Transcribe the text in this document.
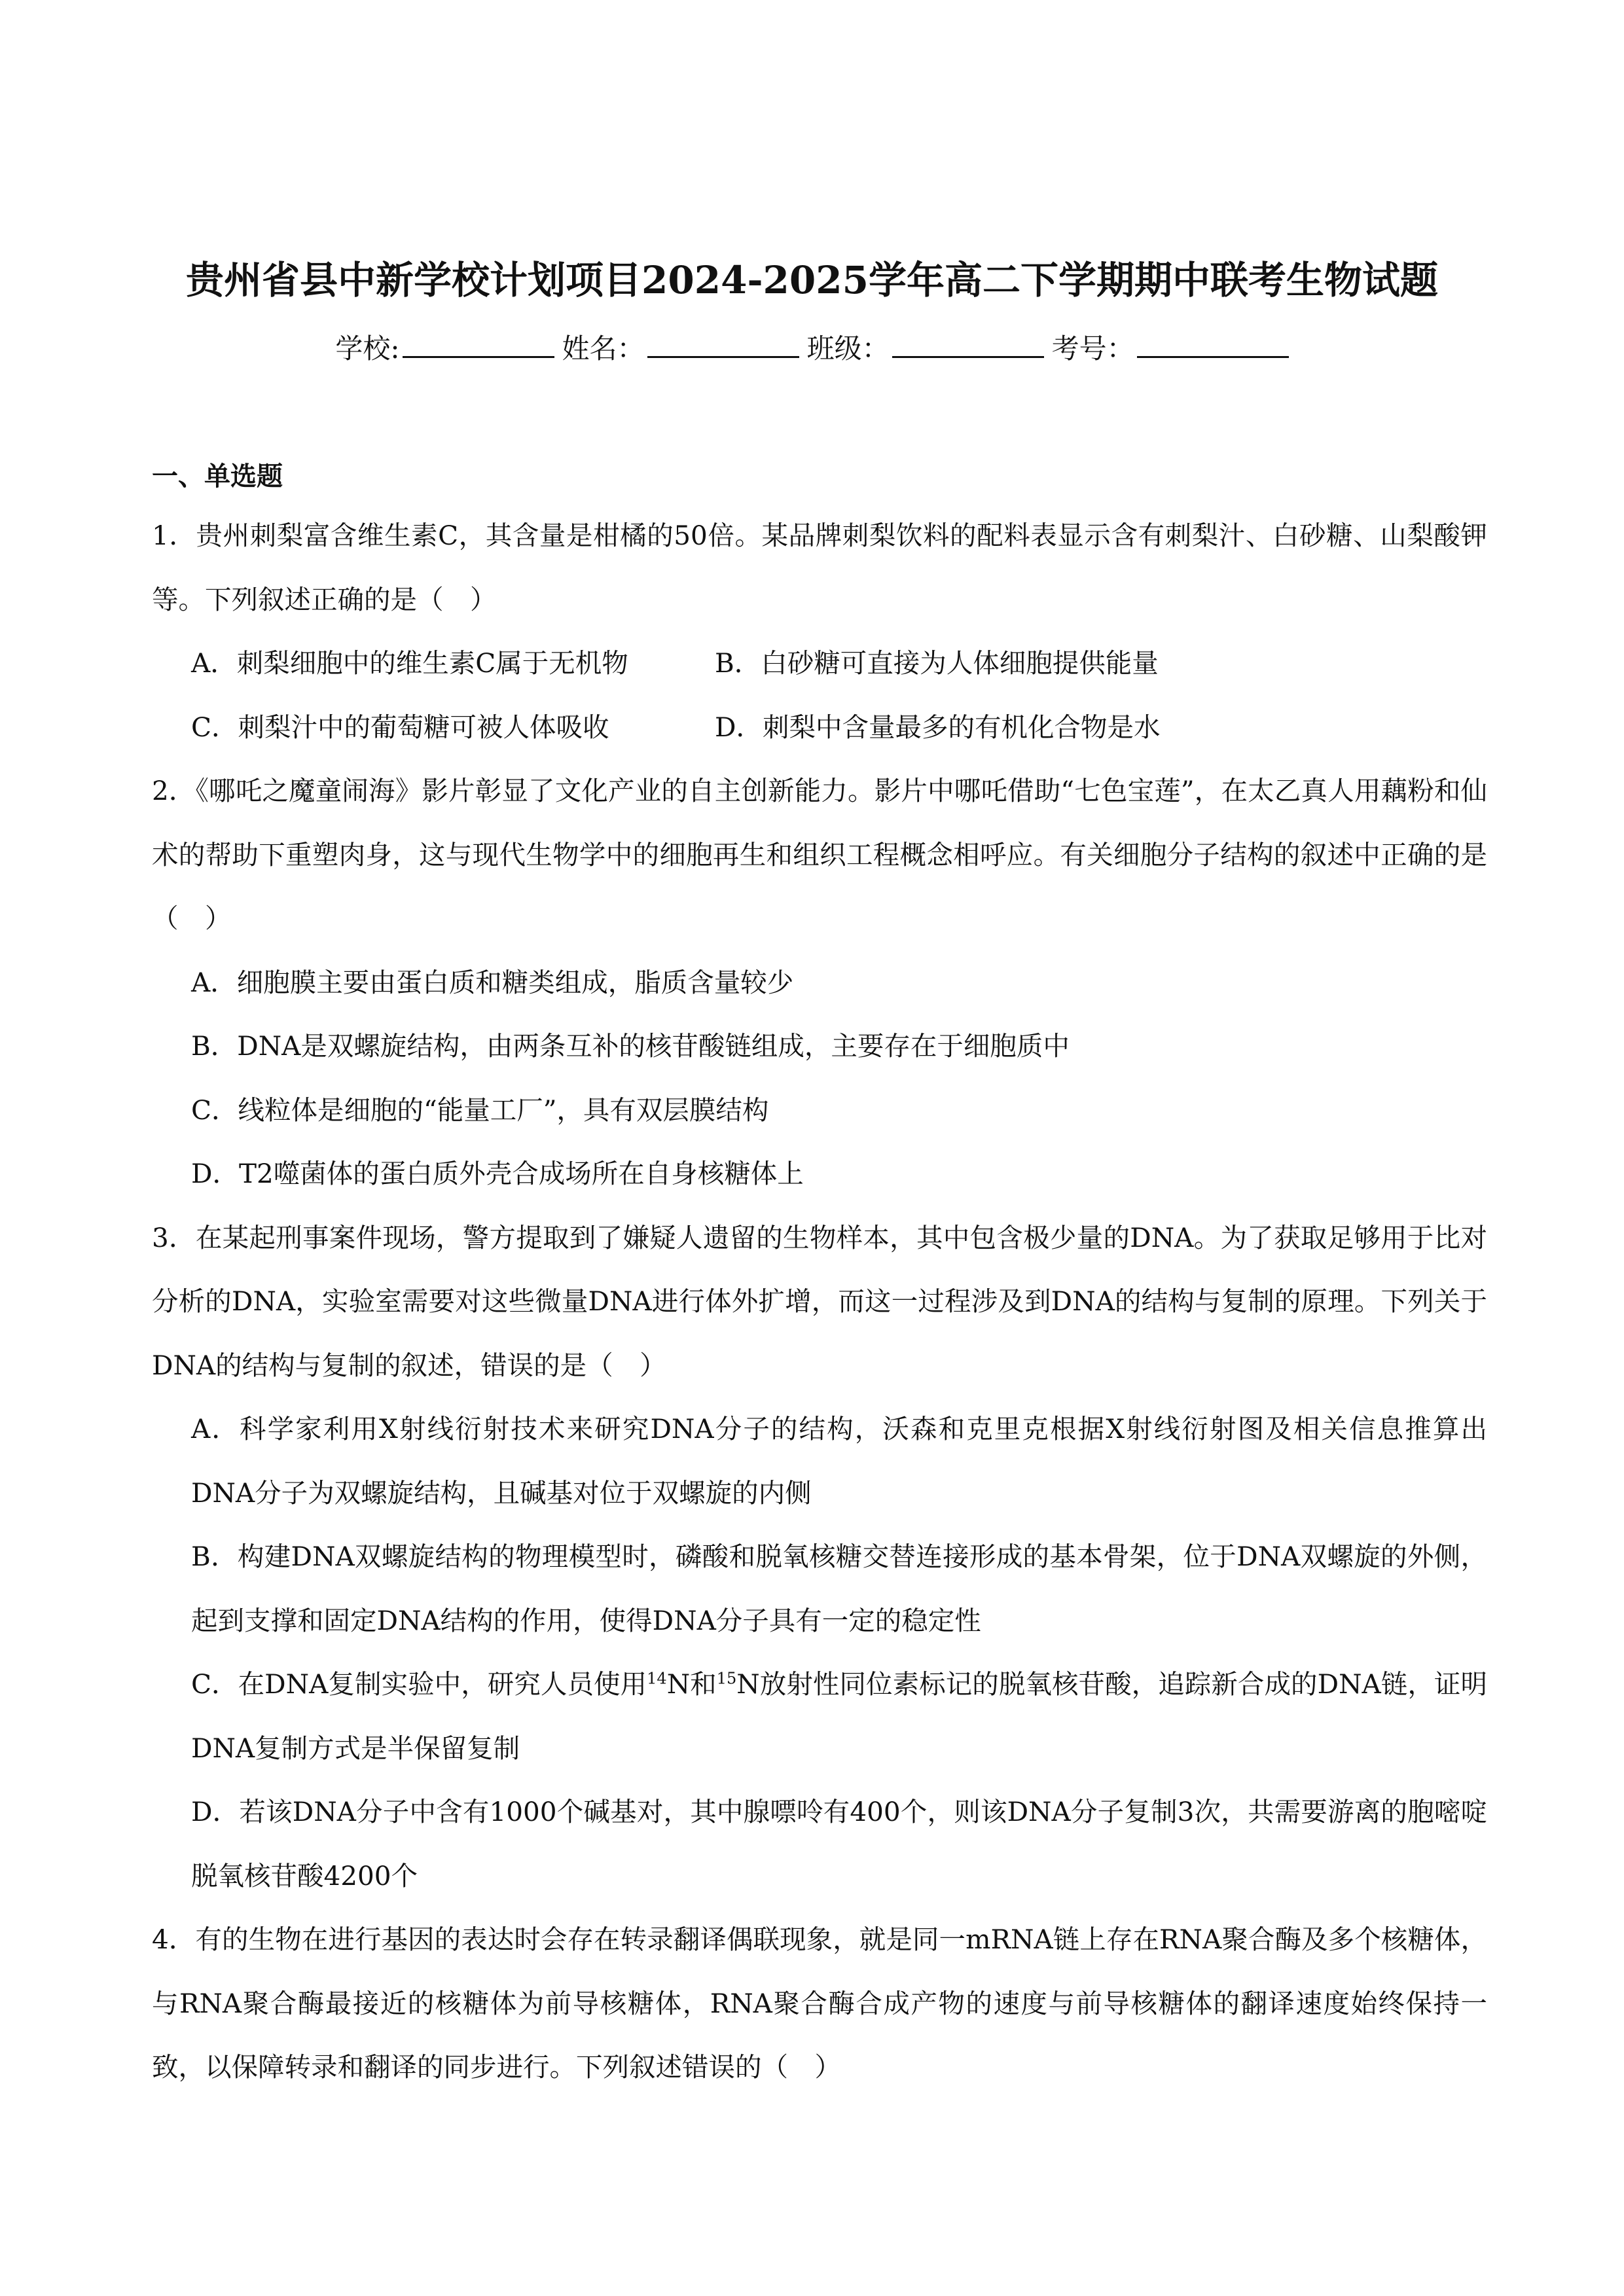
贵州省县中新学校计划项目2024-2025学年高二下学期期中联考生物试题
学校:	姓名：	班级：	考号：
一、单选题

1．贵州刺梨富含维生素C，其含量是柑橘的50倍。某品牌刺梨饮料的配料表显示含有刺梨汁、白砂糖、山梨酸钾等。下列叙述正确的是（　）

A．刺梨细胞中的维生素C属于无机物	B．白砂糖可直接为人体细胞提供能量
C．刺梨汁中的葡萄糖可被人体吸收	D．刺梨中含量最多的有机化合物是水

2．《哪吒之魔童闹海》影片彰显了文化产业的自主创新能力。影片中哪吒借助“七色宝莲”，在太乙真人用藕粉和仙术的帮助下重塑肉身，这与现代生物学中的细胞再生和组织工程概念相呼应。有关细胞分子结构的叙述中正确的是（　）

A．细胞膜主要由蛋白质和糖类组成，脂质含量较少

B．DNA是双螺旋结构，由两条互补的核苷酸链组成，主要存在于细胞质中

C．线粒体是细胞的“能量工厂”，具有双层膜结构

D．T2噬菌体的蛋白质外壳合成场所在自身核糖体上

3．在某起刑事案件现场，警方提取到了嫌疑人遗留的生物样本，其中包含极少量的DNA。为了获取足够用于比对分析的DNA，实验室需要对这些微量DNA进行体外扩增，而这一过程涉及到DNA的结构与复制的原理。下列关于DNA的结构与复制的叙述，错误的是（　）

A．科学家利用X射线衍射技术来研究DNA分子的结构，沃森和克里克根据X射线衍射图及相关信息推算出DNA分子为双螺旋结构，且碱基对位于双螺旋的内侧

B．构建DNA双螺旋结构的物理模型时，磷酸和脱氧核糖交替连接形成的基本骨架，位于DNA双螺旋的外侧，起到支撑和固定DNA结构的作用，使得DNA分子具有一定的稳定性

C．在DNA复制实验中，研究人员使用$^{14}$N和$^{15}$N放射性同位素标记的脱氧核苷酸，追踪新合成的DNA链，证明DNA复制方式是半保留复制

D．若该DNA分子中含有1000个碱基对，其中腺嘌呤有400个，则该DNA分子复制3次，共需要游离的胞嘧啶脱氧核苷酸4200个

4．有的生物在进行基因的表达时会存在转录翻译偶联现象，就是同一mRNA链上存在RNA聚合酶及多个核糖体，与RNA聚合酶最接近的核糖体为前导核糖体，RNA聚合酶合成产物的速度与前导核糖体的翻译速度始终保持一致，以保障转录和翻译的同步进行。下列叙述错误的（　）
